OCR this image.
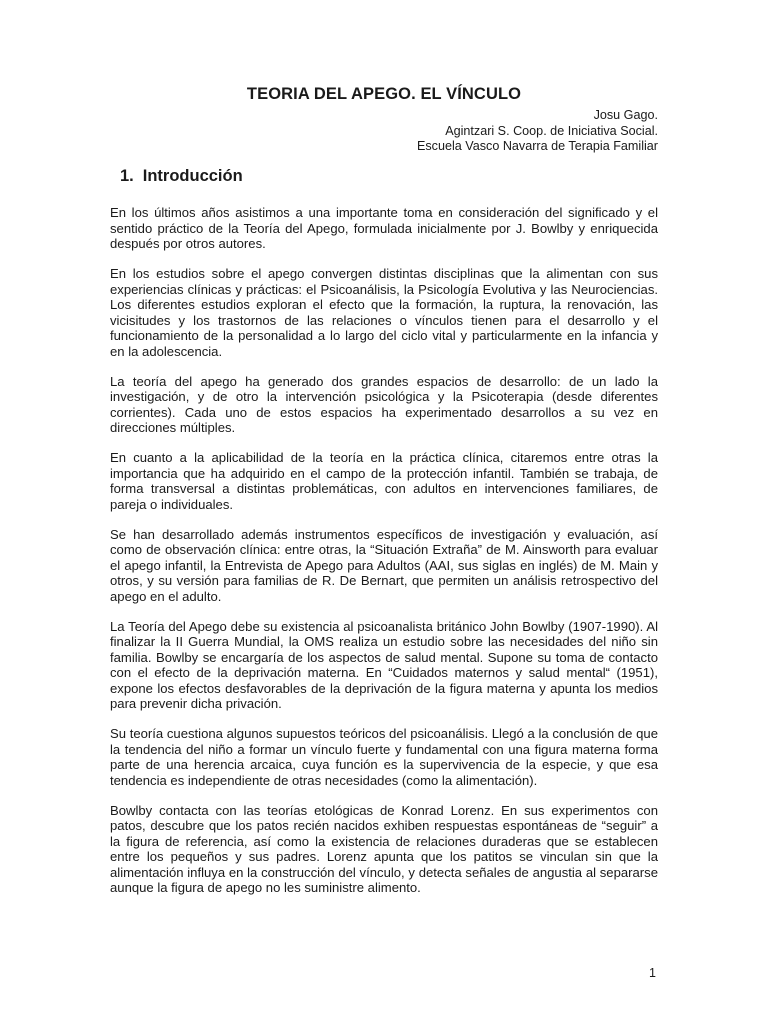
TEORIA DEL APEGO. EL VÍNCULO
Josu Gago.
Agintzari S. Coop. de Iniciativa Social.
Escuela Vasco Navarra de Terapia Familiar
1. Introducción

En los últimos años asistimos a una importante toma en consideración del significado y el sentido práctico de la Teoría del Apego, formulada inicialmente por J. Bowlby y enriquecida después por otros autores.

En los estudios sobre el apego convergen distintas disciplinas que la alimentan con sus experiencias clínicas y prácticas: el Psicoanálisis, la Psicología Evolutiva y las Neurociencias. Los diferentes estudios exploran el efecto que la formación, la ruptura, la renovación, las vicisitudes y los trastornos de las relaciones o vínculos tienen para el desarrollo y el funcionamiento de la personalidad a lo largo del ciclo vital y particularmente en la infancia y en la adolescencia.

La teoría del apego ha generado dos grandes espacios de desarrollo: de un lado la investigación, y de otro la intervención psicológica y la Psicoterapia (desde diferentes corrientes). Cada uno de estos espacios ha experimentado desarrollos a su vez en direcciones múltiples.

En cuanto a la aplicabilidad de la teoría en la práctica clínica, citaremos entre otras la importancia que ha adquirido en el campo de la protección infantil. También se trabaja, de forma transversal a distintas problemáticas, con adultos en intervenciones familiares, de pareja o individuales.

Se han desarrollado además instrumentos específicos de investigación y evaluación, así como de observación clínica: entre otras, la “Situación Extraña” de M. Ainsworth para evaluar el apego infantil, la Entrevista de Apego para Adultos (AAI, sus siglas en inglés) de M. Main y otros, y su versión para familias de R. De Bernart, que permiten un análisis retrospectivo del apego en el adulto.

La Teoría del Apego debe su existencia al psicoanalista británico John Bowlby (1907-1990). Al finalizar la II Guerra Mundial, la OMS realiza un estudio sobre las necesidades del niño sin familia. Bowlby se encargaría de los aspectos de salud mental. Supone su toma de contacto con el efecto de la deprivación materna. En “Cuidados maternos y salud mental“ (1951), expone los efectos desfavorables de la deprivación de la figura materna y apunta los medios para prevenir dicha privación.

Su teoría cuestiona algunos supuestos teóricos del psicoanálisis. Llegó a la conclusión de que la tendencia del niño a formar un vínculo fuerte y fundamental con una figura materna forma parte de una herencia arcaica, cuya función es la supervivencia de la especie, y que esa tendencia es independiente de otras necesidades (como la alimentación).

Bowlby contacta con las teorías etológicas de Konrad Lorenz. En sus experimentos con patos, descubre que los patos recién nacidos exhiben respuestas espontáneas de “seguir” a la figura de referencia, así como la existencia de relaciones duraderas que se establecen entre los pequeños y sus padres. Lorenz apunta que los patitos se vinculan sin que la alimentación influya en la construcción del vínculo, y detecta señales de angustia al separarse aunque la figura de apego no les suministre alimento.

1
